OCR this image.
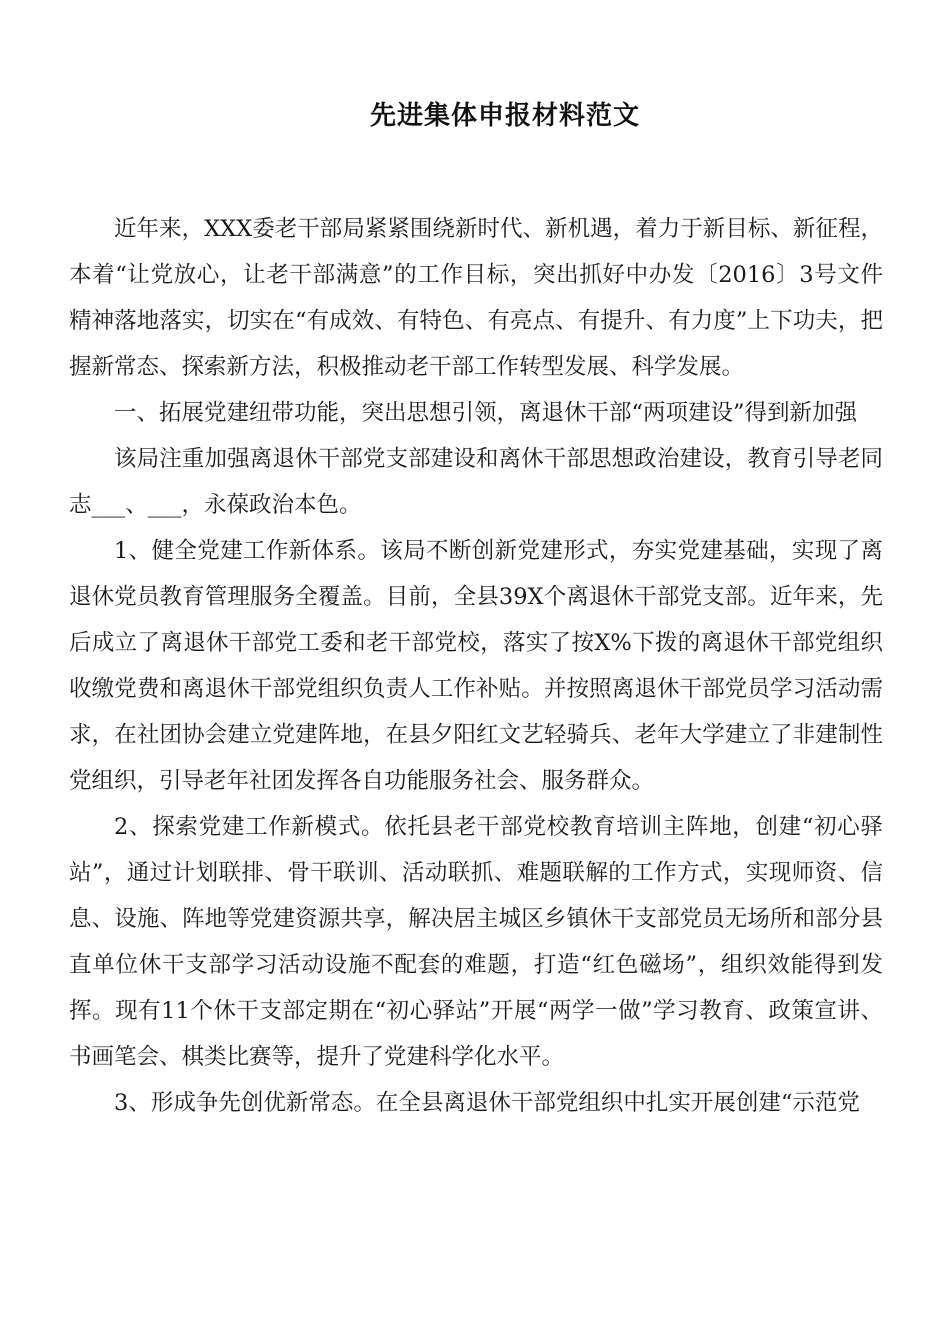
先进集体申报材料范文

近年来，XXX委老干部局紧紧围绕新时代、新机遇，着力于新目标、新征程，本着“让党放心，让老干部满意”的工作目标，突出抓好中办发〔2016〕3号文件精神落地落实，切实在“有成效、有特色、有亮点、有提升、有力度”上下功夫，把握新常态、探索新方法，积极推动老干部工作转型发展、科学发展。

一、拓展党建纽带功能，突出思想引领，离退休干部“两项建设”得到新加强

该局注重加强离退休干部党支部建设和离休干部思想政治建设，教育引导老同志___、___，永葆政治本色。

1、健全党建工作新体系。该局不断创新党建形式，夯实党建基础，实现了离退休党员教育管理服务全覆盖。目前，全县39X个离退休干部党支部。近年来，先后成立了离退休干部党工委和老干部党校，落实了按X%下拨的离退休干部党组织收缴党费和离退休干部党组织负责人工作补贴。并按照离退休干部党员学习活动需求，在社团协会建立党建阵地，在县夕阳红文艺轻骑兵、老年大学建立了非建制性党组织，引导老年社团发挥各自功能服务社会、服务群众。

2、探索党建工作新模式。依托县老干部党校教育培训主阵地，创建“初心驿站”，通过计划联排、骨干联训、活动联抓、难题联解的工作方式，实现师资、信息、设施、阵地等党建资源共享，解决居主城区乡镇休干支部党员无场所和部分县直单位休干支部学习活动设施不配套的难题，打造“红色磁场”，组织效能得到发挥。现有11个休干支部定期在“初心驿站”开展“两学一做”学习教育、政策宣讲、书画笔会、棋类比赛等，提升了党建科学化水平。

3、形成争先创优新常态。在全县离退休干部党组织中扎实开展创建“示范党
